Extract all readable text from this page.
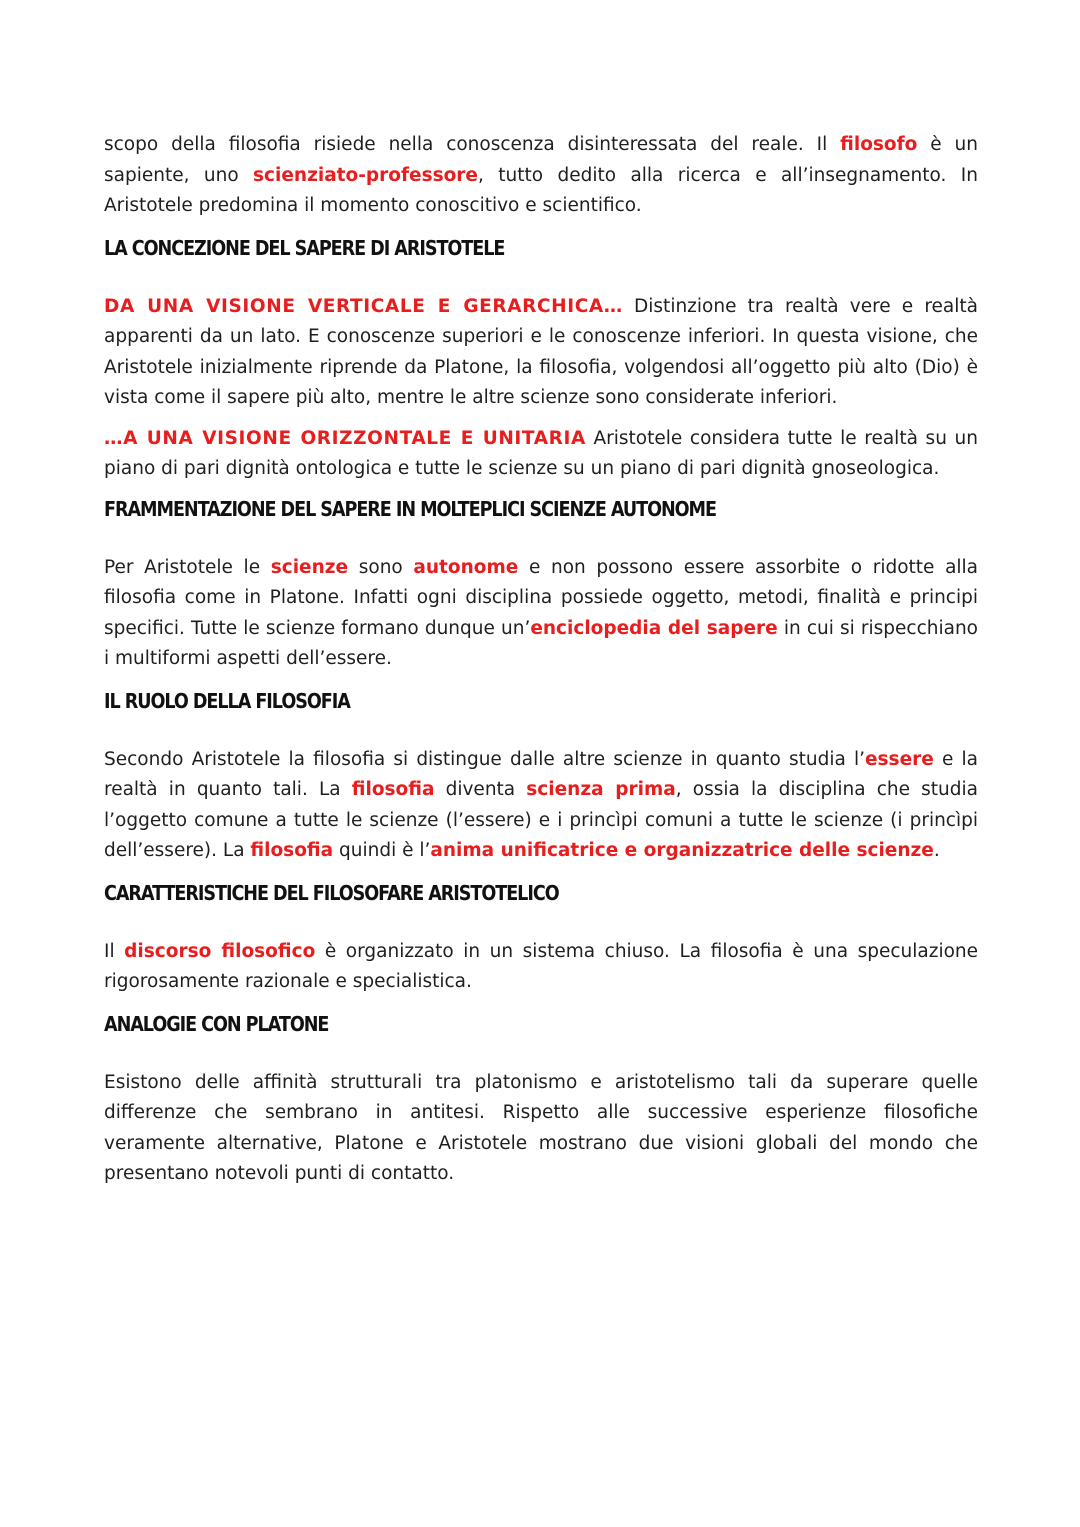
scopo della filosofia risiede nella conoscenza disinteressata del reale. Il filosofo è un sapiente, uno scienziato-professore, tutto dedito alla ricerca e all’insegnamento. In Aristotele predomina il momento conoscitivo e scientifico.

LA CONCEZIONE DEL SAPERE DI ARISTOTELE

DA UNA VISIONE VERTICALE E GERARCHICA… Distinzione tra realtà vere e realtà apparenti da un lato. E conoscenze superiori e le conoscenze inferiori. In questa visione, che Aristotele inizialmente riprende da Platone, la filosofia, volgendosi all’oggetto più alto (Dio) è vista come il sapere più alto, mentre le altre scienze sono considerate inferiori.

…A UNA VISIONE ORIZZONTALE E UNITARIA Aristotele considera tutte le realtà su un piano di pari dignità ontologica e tutte le scienze su un piano di pari dignità gnoseologica.

FRAMMENTAZIONE DEL SAPERE IN MOLTEPLICI SCIENZE AUTONOME

Per Aristotele le scienze sono autonome e non possono essere assorbite o ridotte alla filosofia come in Platone. Infatti ogni disciplina possiede oggetto, metodi, finalità e principi specifici. Tutte le scienze formano dunque un’enciclopedia del sapere in cui si rispecchiano i multiformi aspetti dell’essere.

IL RUOLO DELLA FILOSOFIA

Secondo Aristotele la filosofia si distingue dalle altre scienze in quanto studia l’essere e la realtà in quanto tali. La filosofia diventa scienza prima, ossia la disciplina che studia l’oggetto comune a tutte le scienze (l’essere) e i princìpi comuni a tutte le scienze (i princìpi dell’essere). La filosofia quindi è l’anima unificatrice e organizzatrice delle scienze.

CARATTERISTICHE DEL FILOSOFARE ARISTOTELICO

Il discorso filosofico è organizzato in un sistema chiuso. La filosofia è una speculazione rigorosamente razionale e specialistica.

ANALOGIE CON PLATONE

Esistono delle affinità strutturali tra platonismo e aristotelismo tali da superare quelle differenze che sembrano in antitesi. Rispetto alle successive esperienze filosofiche veramente alternative, Platone e Aristotele mostrano due visioni globali del mondo che presentano notevoli punti di contatto.
